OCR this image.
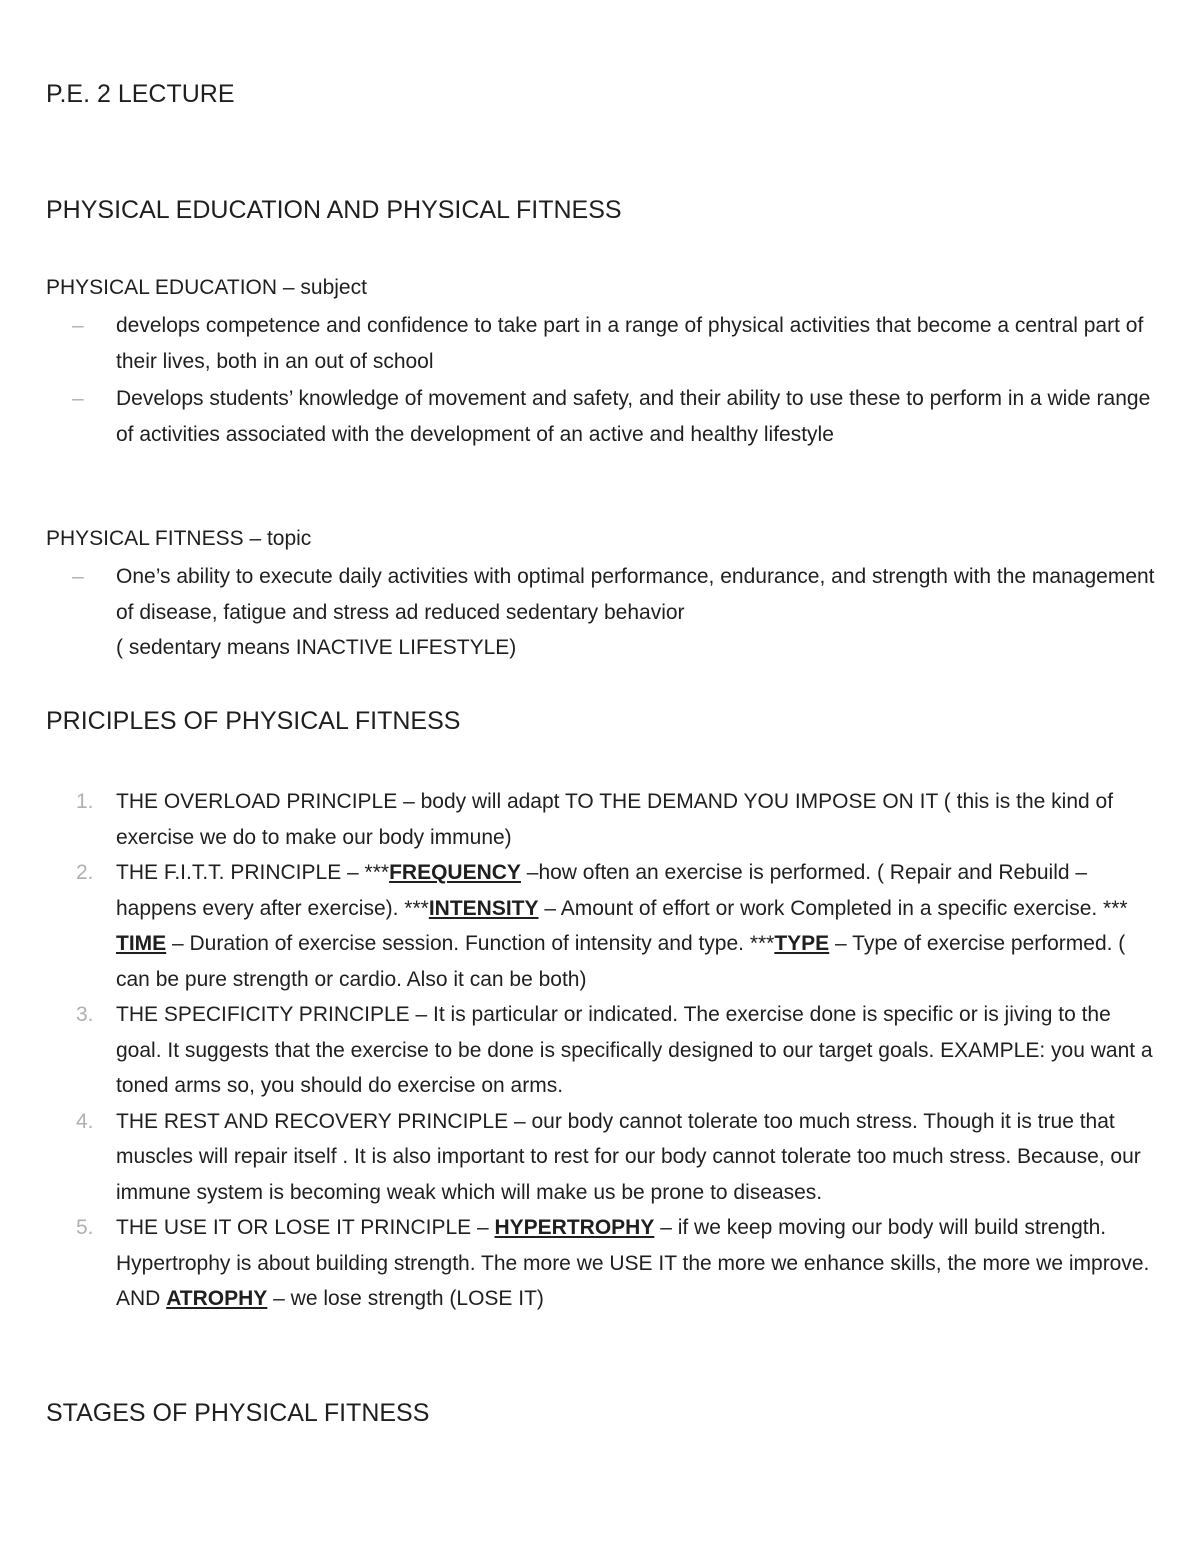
P.E. 2 LECTURE
PHYSICAL EDUCATION AND PHYSICAL FITNESS
PHYSICAL EDUCATION – subject
– develops competence and confidence to take part in a range of physical activities that become a central part of their lives, both in an out of school
– Develops students’ knowledge of movement and safety, and their ability to use these to perform in a wide range of activities associated with the development of an active and healthy lifestyle
PHYSICAL FITNESS – topic
– One’s ability to execute daily activities with optimal performance, endurance, and strength with the management of disease, fatigue and stress ad reduced sedentary behavior
( sedentary means INACTIVE LIFESTYLE)
PRICIPLES OF PHYSICAL FITNESS
1. THE OVERLOAD PRINCIPLE – body will adapt TO THE DEMAND YOU IMPOSE ON IT ( this is the kind of exercise we do to make our body immune)
2. THE F.I.T.T. PRINCIPLE – ***FREQUENCY –how often an exercise is performed. ( Repair and Rebuild – happens every after exercise). ***INTENSITY – Amount of effort or work Completed in a specific exercise. *** TIME – Duration of exercise session. Function of intensity and type. ***TYPE – Type of exercise performed. ( can be pure strength or cardio. Also it can be both)
3. THE SPECIFICITY PRINCIPLE – It is particular or indicated. The exercise done is specific or is jiving to the goal. It suggests that the exercise to be done is specifically designed to our target goals. EXAMPLE: you want a toned arms so, you should do exercise on arms.
4. THE REST AND RECOVERY PRINCIPLE – our body cannot tolerate too much stress. Though it is true that muscles will repair itself . It is also important to rest for our body cannot tolerate too much stress. Because, our immune system is becoming weak which will make us be prone to diseases.
5. THE USE IT OR LOSE IT PRINCIPLE – HYPERTROPHY – if we keep moving our body will build strength. Hypertrophy is about building strength. The more we USE IT the more we enhance skills, the more we improve. AND ATROPHY – we lose strength (LOSE IT)
STAGES OF PHYSICAL FITNESS
